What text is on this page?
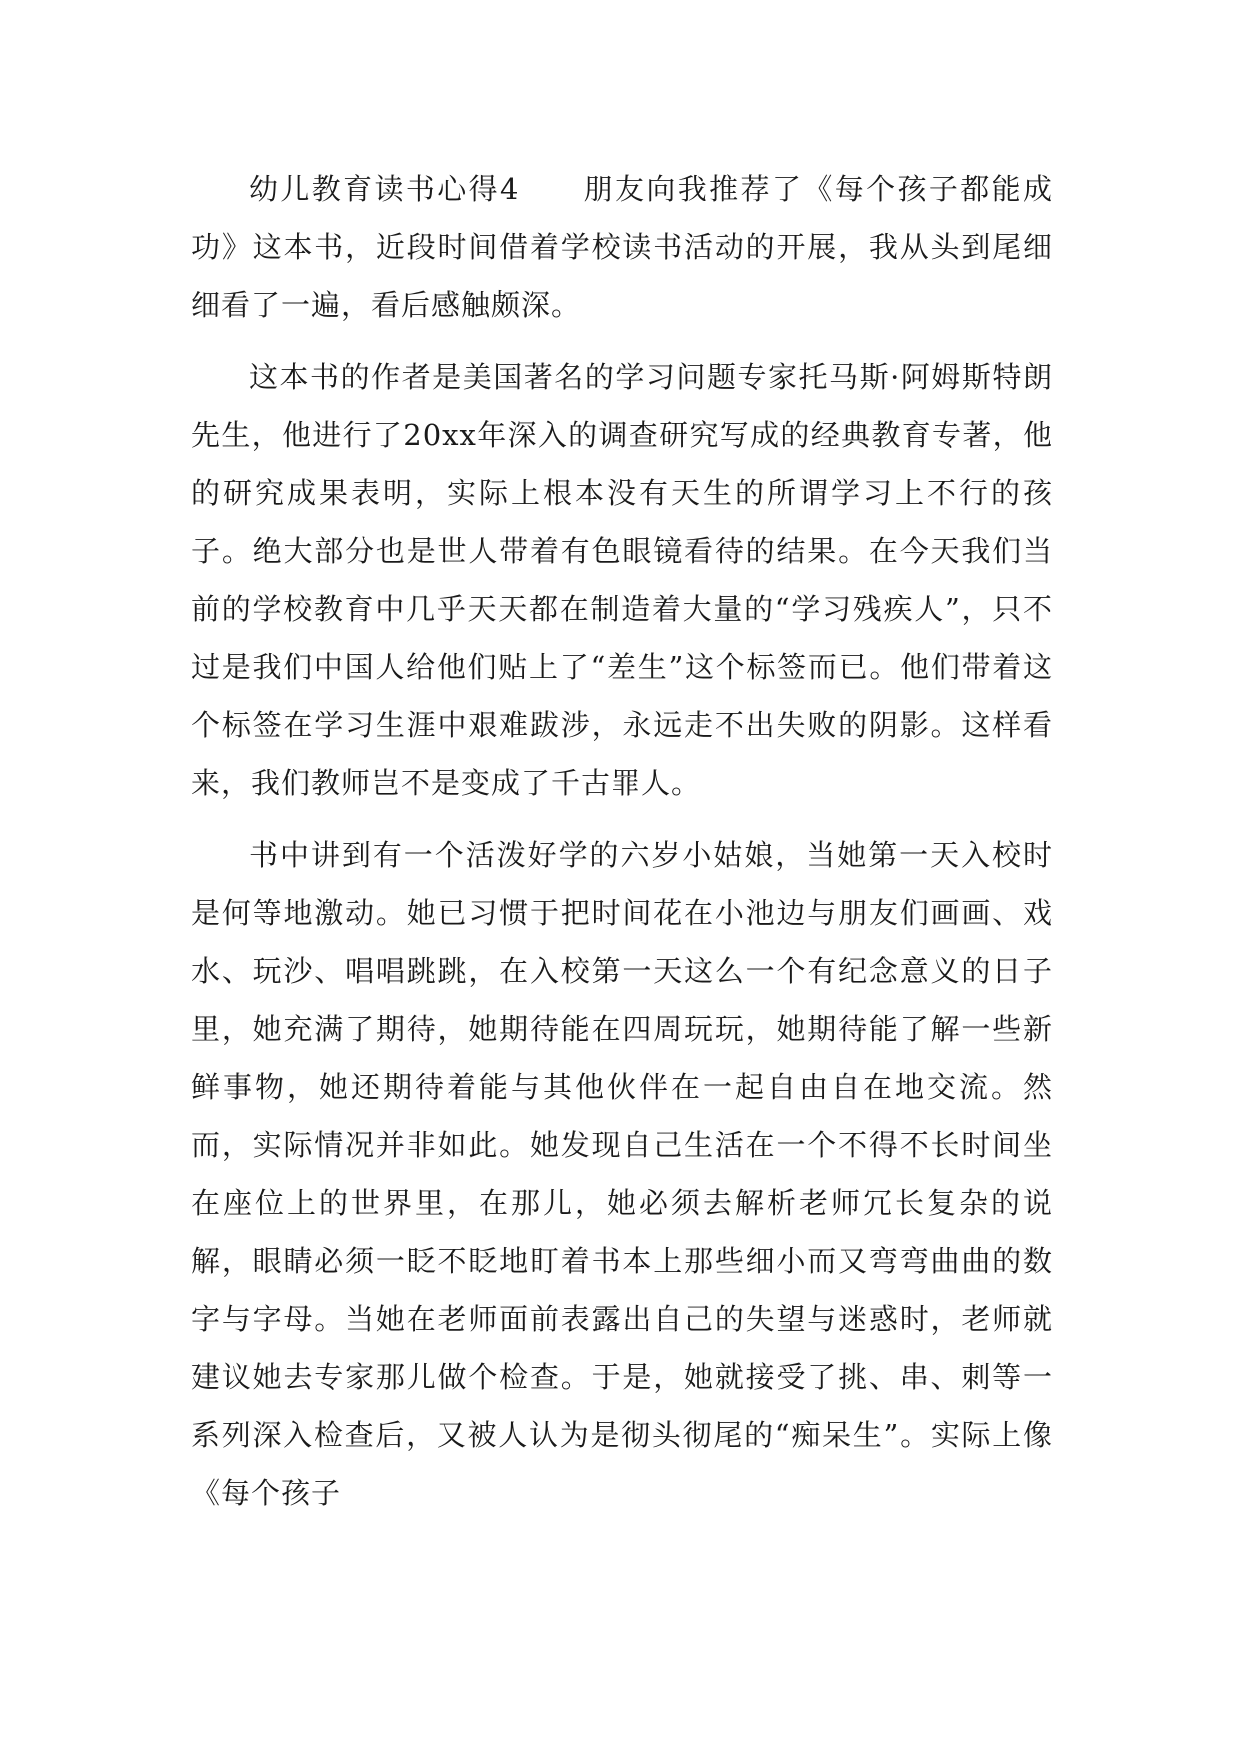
幼儿教育读书心得4　　朋友向我推荐了《每个孩子都能成功》这本书，近段时间借着学校读书活动的开展，我从头到尾细细看了一遍，看后感触颇深。

这本书的作者是美国著名的学习问题专家托马斯·阿姆斯特朗先生，他进行了20xx年深入的调查研究写成的经典教育专著，他的研究成果表明，实际上根本没有天生的所谓学习上不行的孩子。绝大部分也是世人带着有色眼镜看待的结果。在今天我们当前的学校教育中几乎天天都在制造着大量的“学习残疾人”，只不过是我们中国人给他们贴上了“差生”这个标签而已。他们带着这个标签在学习生涯中艰难跋涉，永远走不出失败的阴影。这样看来，我们教师岂不是变成了千古罪人。

书中讲到有一个活泼好学的六岁小姑娘，当她第一天入校时是何等地激动。她已习惯于把时间花在小池边与朋友们画画、戏水、玩沙、唱唱跳跳，在入校第一天这么一个有纪念意义的日子里，她充满了期待，她期待能在四周玩玩，她期待能了解一些新鲜事物，她还期待着能与其他伙伴在一起自由自在地交流。然而，实际情况并非如此。她发现自己生活在一个不得不长时间坐在座位上的世界里，在那儿，她必须去解析老师冗长复杂的说解，眼睛必须一眨不眨地盯着书本上那些细小而又弯弯曲曲的数字与字母。当她在老师面前表露出自己的失望与迷惑时，老师就建议她去专家那儿做个检查。于是，她就接受了挑、串、刺等一系列深入检查后，又被人认为是彻头彻尾的“痴呆生”。实际上像《每个孩子
